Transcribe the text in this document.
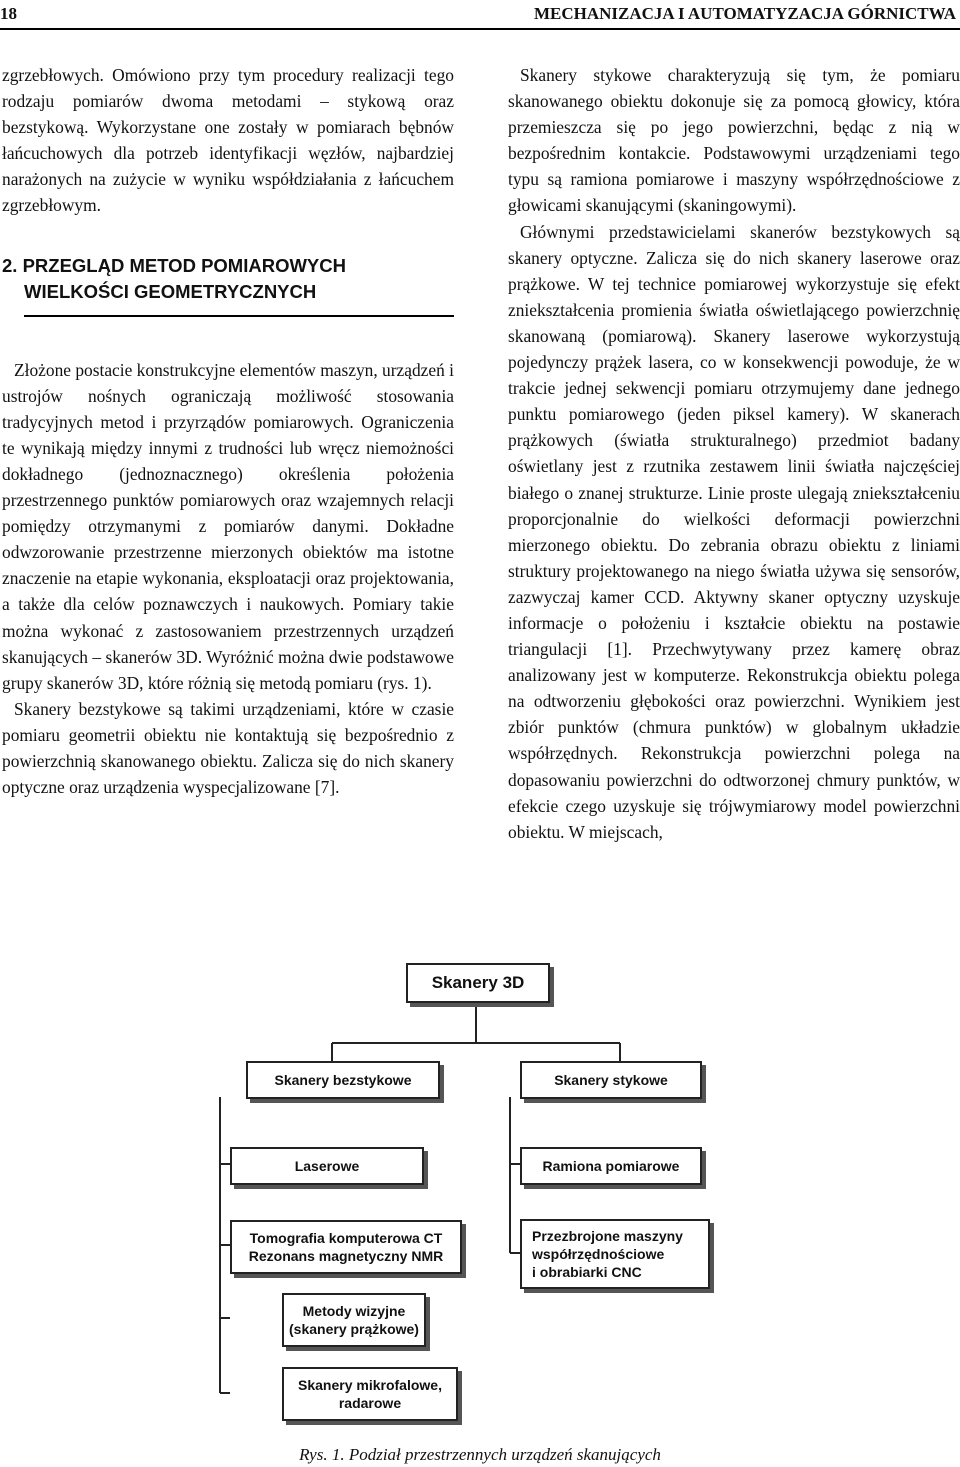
18	MECHANIZACJA I AUTOMATYZACJA GÓRNICTWA

zgrzebłowych. Omówiono przy tym procedury realizacji tego rodzaju pomiarów dwoma metodami – stykową oraz bezstykową. Wykorzystane one zostały w pomiarach bębnów łańcuchowych dla potrzeb identyfikacji węzłów, najbardziej narażonych na zużycie w wyniku współdziałania z łańcuchem zgrzebłowym.

2. PRZEGLĄD METOD POMIAROWYCH
WIELKOŚCI GEOMETRYCZNYCH

Złożone postacie konstrukcyjne elementów maszyn, urządzeń i ustrojów nośnych ograniczają możliwość stosowania tradycyjnych metod i przyrządów pomiarowych. Ograniczenia te wynikają między innymi z trudności lub wręcz niemożności dokładnego (jednoznacznego) określenia położenia przestrzennego punktów pomiarowych oraz wzajemnych relacji pomiędzy otrzymanymi z pomiarów danymi. Dokładne odwzorowanie przestrzenne mierzonych obiektów ma istotne znaczenie na etapie wykonania, eksploatacji oraz projektowania, a także dla celów poznawczych i naukowych. Pomiary takie można wykonać z zastosowaniem przestrzennych urządzeń skanujących – skanerów 3D. Wyróżnić można dwie podstawowe grupy skanerów 3D, które różnią się metodą pomiaru (rys. 1).

Skanery bezstykowe są takimi urządzeniami, które w czasie pomiaru geometrii obiektu nie kontaktują się bezpośrednio z powierzchnią skanowanego obiektu. Zalicza się do nich skanery optyczne oraz urządzenia wyspecjalizowane [7].

Skanery stykowe charakteryzują się tym, że pomiaru skanowanego obiektu dokonuje się za pomocą głowicy, która przemieszcza się po jego powierzchni, będąc z nią w bezpośrednim kontakcie. Podstawowymi urządzeniami tego typu są ramiona pomiarowe i maszyny współrzędnościowe z głowicami skanującymi (skaningowymi).

Głównymi przedstawicielami skanerów bezstykowych są skanery optyczne. Zalicza się do nich skanery laserowe oraz prążkowe. W tej technice pomiarowej wykorzystuje się efekt zniekształcenia promienia światła oświetlającego powierzchnię skanowaną (pomiarową). Skanery laserowe wykorzystują pojedynczy prążek lasera, co w konsekwencji powoduje, że w trakcie jednej sekwencji pomiaru otrzymujemy dane jednego punktu pomiarowego (jeden piksel kamery). W skanerach prążkowych (światła strukturalnego) przedmiot badany oświetlany jest z rzutnika zestawem linii światła najczęściej białego o znanej strukturze. Linie proste ulegają zniekształceniu proporcjonalnie do wielkości deformacji powierzchni mierzonego obiektu. Do zebrania obrazu obiektu z liniami struktury projektowanego na niego światła używa się sensorów, zazwyczaj kamer CCD. Aktywny skaner optyczny uzyskuje informacje o położeniu i kształcie obiektu na postawie triangulacji [1]. Przechwytywany przez kamerę obraz analizowany jest w komputerze. Rekonstrukcja obiektu polega na odtworzeniu głębokości oraz powierzchni. Wynikiem jest zbiór punktów (chmura punktów) w globalnym układzie współrzędnych. Rekonstrukcja powierzchni polega na dopasowaniu powierzchni do odtworzonej chmury punktów, w efekcie czego uzyskuje się trójwymiarowy model powierzchni obiektu. W miejscach,

Skanery 3D
Skanery bezstykowe	Skanery stykowe
Laserowe
Tomografia komputerowa CT
Rezonans magnetyczny NMR
Metody wizyjne
(skanery prążkowe)
Skanery mikrofalowe,
radarowe
Ramiona pomiarowe
Przezbrojone maszyny
współrzędnościowe
i obrabiarki CNC
Rys. 1. Podział przestrzennych urządzeń skanujących
